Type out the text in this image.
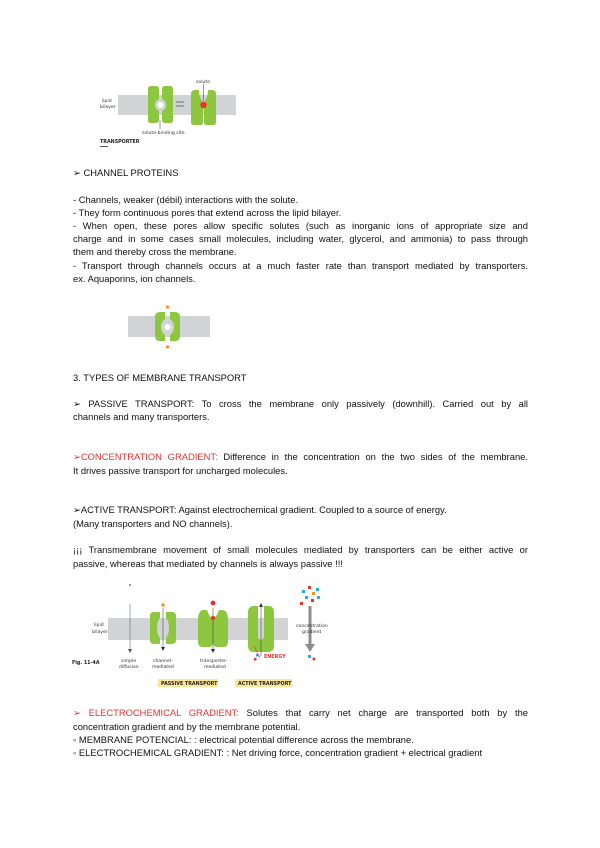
lipid
bilayer
solute
solute-binding site
TRANSPORTER
➢ CHANNEL PROTEINS
- Channels, weaker (débil) interactions with the solute.
- They form continuous pores that extend across the lipid bilayer.
- When open, these pores allow specific solutes (such as inorganic ions of appropriate size and
charge and in some cases small molecules, including water, glycerol, and ammonia) to pass through
them and thereby cross the membrane.
- Transport through channels occurs at a much faster rate than transport mediated by transporters.
ex. Aquaporins, ion channels.
3. TYPES OF MEMBRANE TRANSPORT
➢ PASSIVE TRANSPORT: To cross the membrane only passively (downhill). Carried out by all
channels and many transporters.
➢CONCENTRATION GRADIENT: Difference in the concentration on the two sides of the membrane.
It drives passive transport for uncharged molecules.
➢ACTIVE TRANSPORT: Against electrochemical gradient. Coupled to a source of energy.
(Many transporters and NO channels).
¡¡¡ Transmembrane movement of small molecules mediated by transporters can be either active or
passive, whereas that mediated by channels is always passive !!!
lipid
bilayer
ENERGY
concentration
gradient
Fig. 11-4A	simple
diffusion
channel-
mediated
transporter-
mediated
PASSIVE TRANSPORT	ACTIVE TRANSPORT
➢ ELECTROCHEMICAL GRADIENT: Solutes that carry net charge are transported both by the
concentration gradient and by the membrane potential.
◦ MEMBRANE POTENCIAL: : electrical potential difference across the membrane.
◦ ELECTROCHEMICAL GRADIENT: : Net driving force, concentration gradient + electrical gradient
